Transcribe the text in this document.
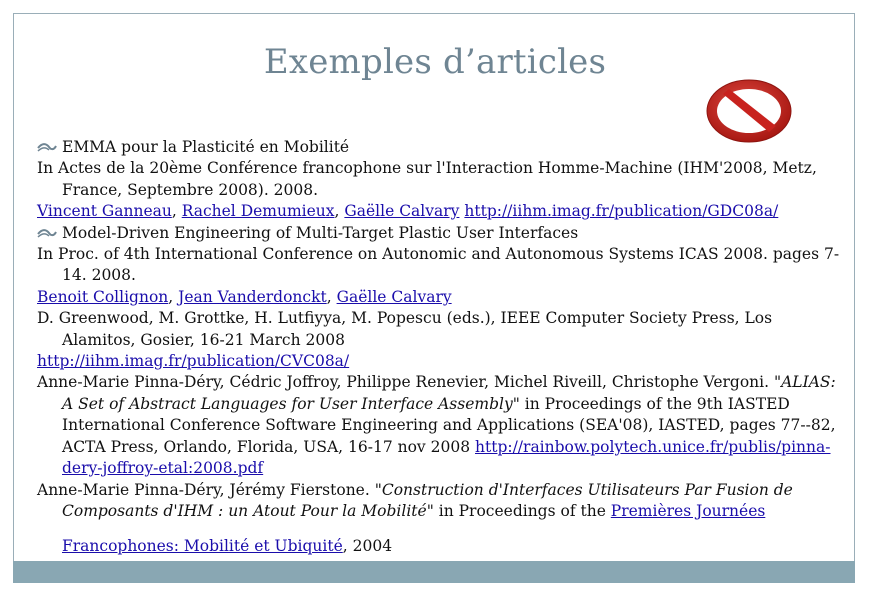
Exemples d’articles
EMMA pour la Plasticité en Mobilité

In Actes de la 20ème Conférence francophone sur l'Interaction Homme-Machine (IHM'2008, Metz, France, Septembre 2008). 2008.

Vincent Ganneau, Rachel Demumieux, Gaëlle Calvary http://iihm.imag.fr/publication/GDC08a/

Model-Driven Engineering of Multi-Target Plastic User Interfaces

In Proc. of 4th International Conference on Autonomic and Autonomous Systems ICAS 2008. pages 7-14. 2008.

Benoit Collignon, Jean Vanderdonckt, Gaëlle Calvary

D. Greenwood, M. Grottke, H. Lutfiyya, M. Popescu (eds.), IEEE Computer Society Press, Los Alamitos, Gosier, 16-21 March 2008

http://iihm.imag.fr/publication/CVC08a/

Anne-Marie Pinna-Déry, Cédric Joffroy, Philippe Renevier, Michel Riveill, Christophe Vergoni. "ALIAS: A Set of Abstract Languages for User Interface Assembly" in Proceedings of the 9th IASTED International Conference Software Engineering and Applications (SEA'08), IASTED, pages 77--82, ACTA Press, Orlando, Florida, USA, 16-17 nov 2008 http://rainbow.polytech.unice.fr/publis/pinna-dery-joffroy-etal:2008.pdf

Anne-Marie Pinna-Déry, Jérémy Fierstone. "Construction d'Interfaces Utilisateurs Par Fusion de Composants d'IHM : un Atout Pour la Mobilité" in Proceedings of the Premières Journées
Francophones: Mobilité et Ubiquité, 2004
